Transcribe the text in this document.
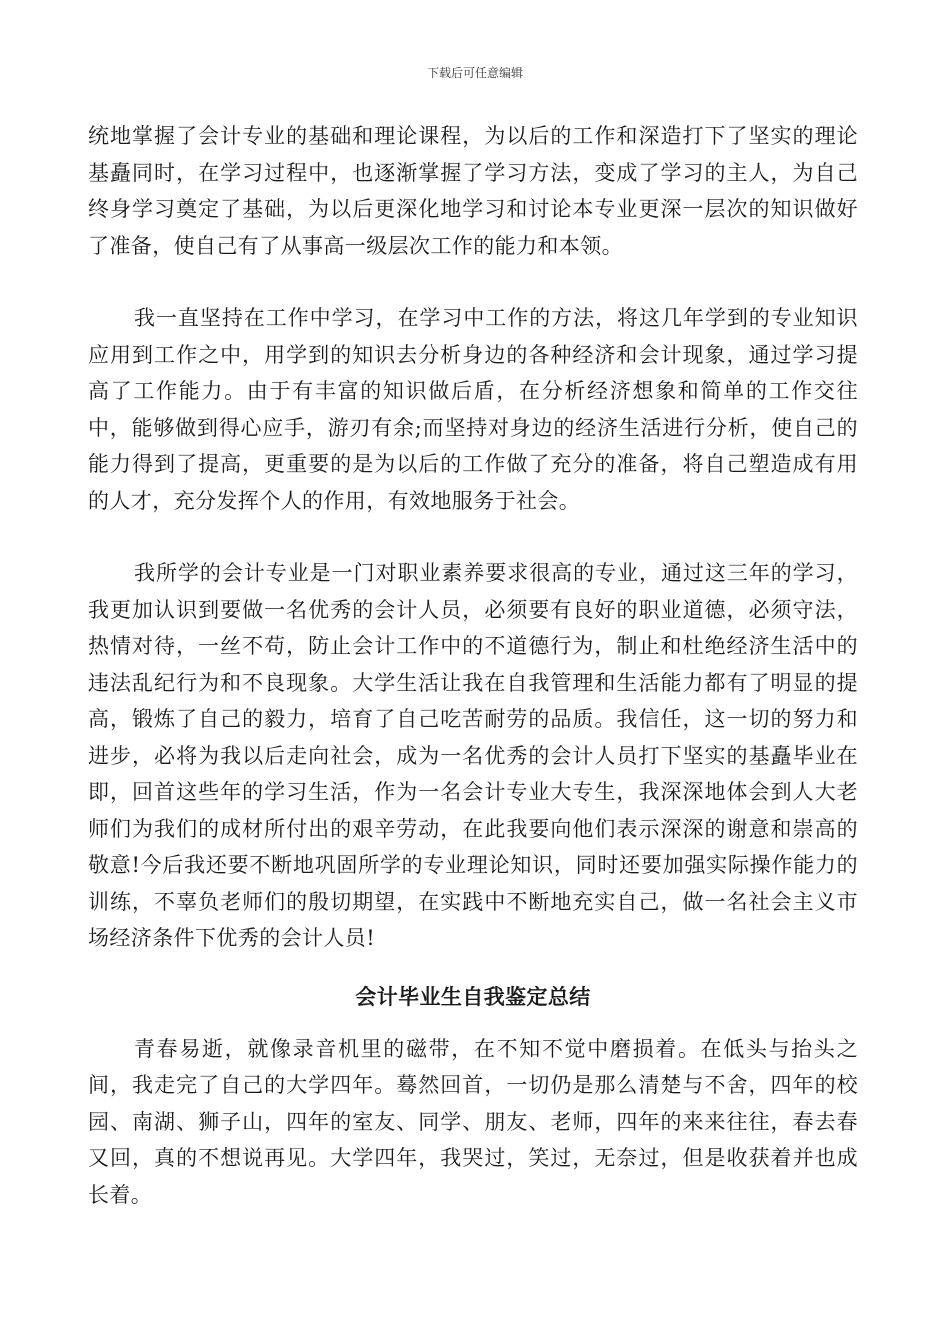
下载后可任意编辑

统地掌握了会计专业的基础和理论课程，为以后的工作和深造打下了坚实的理论基矗同时，在学习过程中，也逐渐掌握了学习方法，变成了学习的主人，为自己终身学习奠定了基础，为以后更深化地学习和讨论本专业更深一层次的知识做好了准备，使自己有了从事高一级层次工作的能力和本领。

我一直坚持在工作中学习，在学习中工作的方法，将这几年学到的专业知识应用到工作之中，用学到的知识去分析身边的各种经济和会计现象，通过学习提高了工作能力。由于有丰富的知识做后盾，在分析经济想象和简单的工作交往中，能够做到得心应手，游刃有余;而坚持对身边的经济生活进行分析，使自己的能力得到了提高，更重要的是为以后的工作做了充分的准备，将自己塑造成有用的人才，充分发挥个人的作用，有效地服务于社会。

我所学的会计专业是一门对职业素养要求很高的专业，通过这三年的学习，我更加认识到要做一名优秀的会计人员，必须要有良好的职业道德，必须守法，热情对待，一丝不苟，防止会计工作中的不道德行为，制止和杜绝经济生活中的违法乱纪行为和不良现象。大学生活让我在自我管理和生活能力都有了明显的提高，锻炼了自己的毅力，培育了自己吃苦耐劳的品质。我信任，这一切的努力和进步，必将为我以后走向社会，成为一名优秀的会计人员打下坚实的基矗毕业在即，回首这些年的学习生活，作为一名会计专业大专生，我深深地体会到人大老师们为我们的成材所付出的艰辛劳动，在此我要向他们表示深深的谢意和崇高的敬意!今后我还要不断地巩固所学的专业理论知识，同时还要加强实际操作能力的训练，不辜负老师们的殷切期望，在实践中不断地充实自己，做一名社会主义市场经济条件下优秀的会计人员!

会计毕业生自我鉴定总结

青春易逝，就像录音机里的磁带，在不知不觉中磨损着。在低头与抬头之间，我走完了自己的大学四年。蓦然回首，一切仍是那么清楚与不舍，四年的校园、南湖、狮子山，四年的室友、同学、朋友、老师，四年的来来往往，春去春又回，真的不想说再见。大学四年，我哭过，笑过，无奈过，但是收获着并也成长着。
